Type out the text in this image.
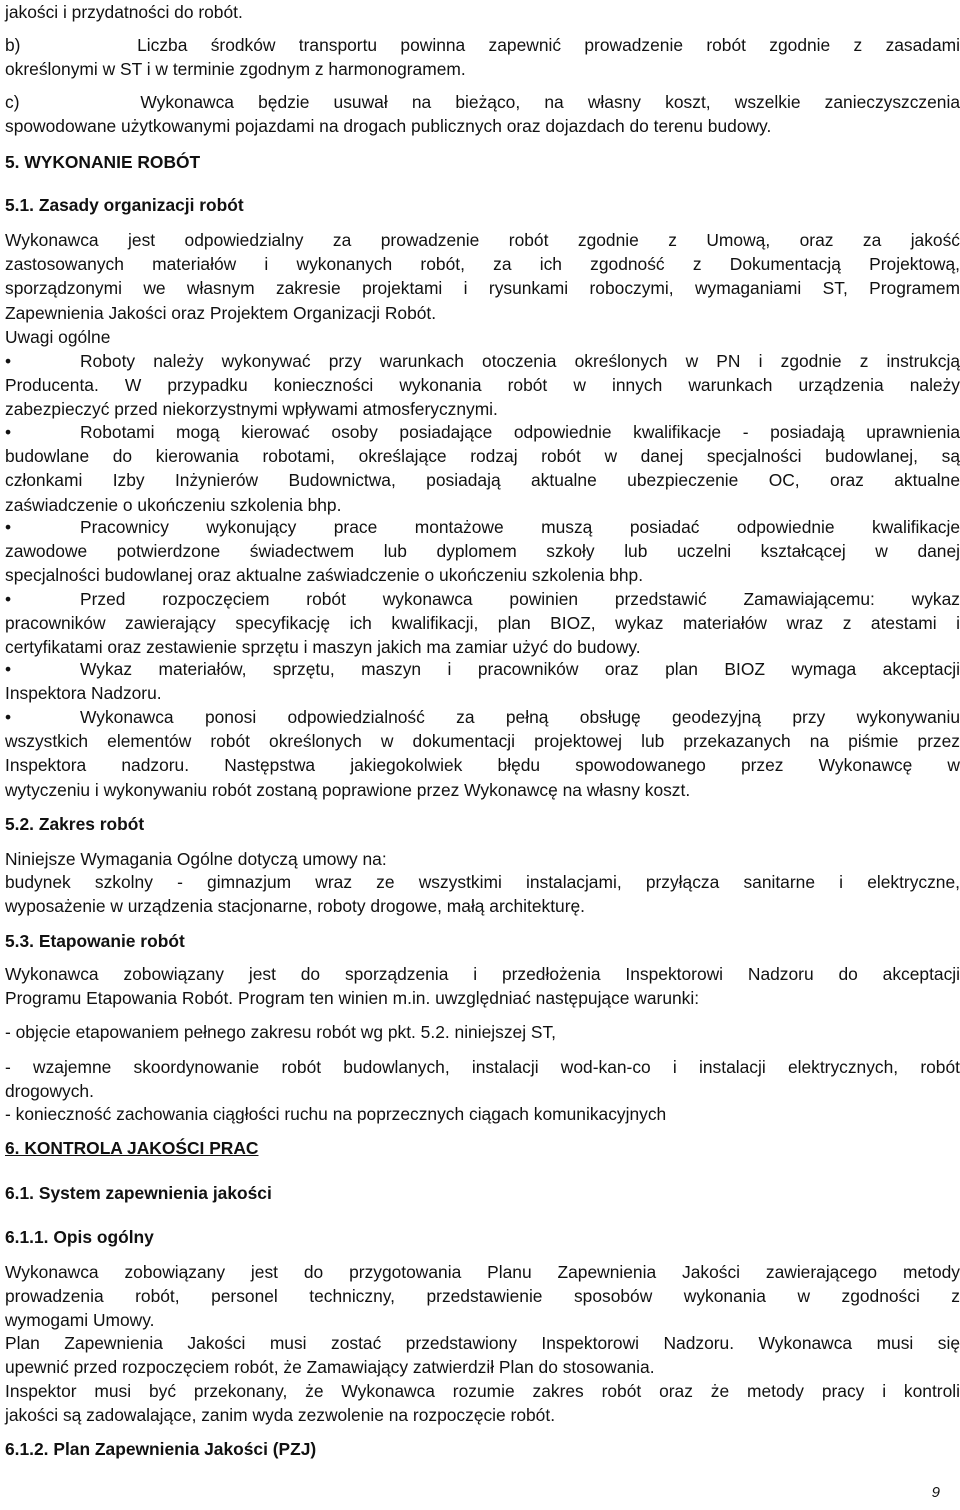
jakości i przydatności do robót.
b)     Liczba środków transportu powinna zapewnić prowadzenie robót zgodnie z zasadami
określonymi w ST i w terminie zgodnym z harmonogramem.
c)     Wykonawca będzie usuwał na bieżąco, na własny koszt, wszelkie zanieczyszczenia
spowodowane użytkowanymi pojazdami na drogach publicznych oraz dojazdach do terenu budowy.
5. WYKONANIE ROBÓT
5.1. Zasady organizacji robót
Wykonawca jest odpowiedzialny za prowadzenie robót zgodnie z Umową, oraz za jakość
zastosowanych materiałów i wykonanych robót, za ich zgodność z Dokumentacją Projektową,
sporządzonymi we własnym zakresie projektami i rysunkami roboczymi, wymaganiami ST, Programem
Zapewnienia Jakości oraz Projektem Organizacji Robót.
Uwagi ogólne
•	Roboty należy wykonywać przy warunkach otoczenia określonych w PN i zgodnie z instrukcją
Producenta. W przypadku konieczności wykonania robót w innych warunkach urządzenia należy
zabezpieczyć przed niekorzystnymi wpływami atmosferycznymi.
•	Robotami mogą kierować osoby posiadające odpowiednie kwalifikacje - posiadają uprawnienia
budowlane do kierowania robotami, określające rodzaj robót w danej specjalności budowlanej, są
członkami Izby Inżynierów Budownictwa, posiadają aktualne ubezpieczenie OC, oraz aktualne
zaświadczenie o ukończeniu szkolenia bhp.
•	Pracownicy wykonujący prace montażowe muszą posiadać odpowiednie kwalifikacje
zawodowe potwierdzone świadectwem lub dyplomem szkoły lub uczelni kształcącej w danej
specjalności budowlanej oraz aktualne zaświadczenie o ukończeniu szkolenia bhp.
•	Przed rozpoczęciem robót wykonawca powinien przedstawić Zamawiającemu: wykaz
pracowników zawierający specyfikację ich kwalifikacji, plan BIOZ, wykaz materiałów wraz z atestami i
certyfikatami oraz zestawienie sprzętu i maszyn jakich ma zamiar użyć do budowy.
•	Wykaz materiałów, sprzętu, maszyn i pracowników oraz plan BIOZ wymaga akceptacji
Inspektora Nadzoru.
•	Wykonawca ponosi odpowiedzialność za pełną obsługę geodezyjną przy wykonywaniu
wszystkich elementów robót określonych w dokumentacji projektowej lub przekazanych na piśmie przez
Inspektora nadzoru. Następstwa jakiegokolwiek błędu spowodowanego przez Wykonawcę w
wytyczeniu i wykonywaniu robót zostaną poprawione przez Wykonawcę na własny koszt.
5.2. Zakres robót
Niniejsze Wymagania Ogólne dotyczą umowy na:
budynek szkolny - gimnazjum wraz ze wszystkimi instalacjami, przyłącza sanitarne i elektryczne,
wyposażenie w urządzenia stacjonarne, roboty drogowe, małą architekturę.
5.3. Etapowanie robót
Wykonawca zobowiązany jest do sporządzenia i przedłożenia Inspektorowi Nadzoru do akceptacji
Programu Etapowania Robót. Program ten winien m.in. uwzględniać następujące warunki:
- objęcie etapowaniem pełnego zakresu robót wg pkt. 5.2. niniejszej ST,
- wzajemne skoordynowanie robót budowlanych, instalacji wod-kan-co i instalacji elektrycznych, robót
drogowych.
- konieczność zachowania ciągłości ruchu na poprzecznych ciągach komunikacyjnych
6. KONTROLA JAKOŚCI PRAC
6.1. System zapewnienia jakości
6.1.1. Opis ogólny
Wykonawca zobowiązany jest do przygotowania Planu Zapewnienia Jakości zawierającego metody
prowadzenia robót, personel techniczny, przedstawienie sposobów wykonania w zgodności z
wymogami Umowy.
Plan Zapewnienia Jakości musi zostać przedstawiony Inspektorowi Nadzoru. Wykonawca musi się
upewnić przed rozpoczęciem robót, że Zamawiający zatwierdził Plan do stosowania.
Inspektor musi być przekonany, że Wykonawca rozumie zakres robót oraz że metody pracy i kontroli
jakości są zadowalające, zanim wyda zezwolenie na rozpoczęcie robót.
6.1.2. Plan Zapewnienia Jakości (PZJ)
9
